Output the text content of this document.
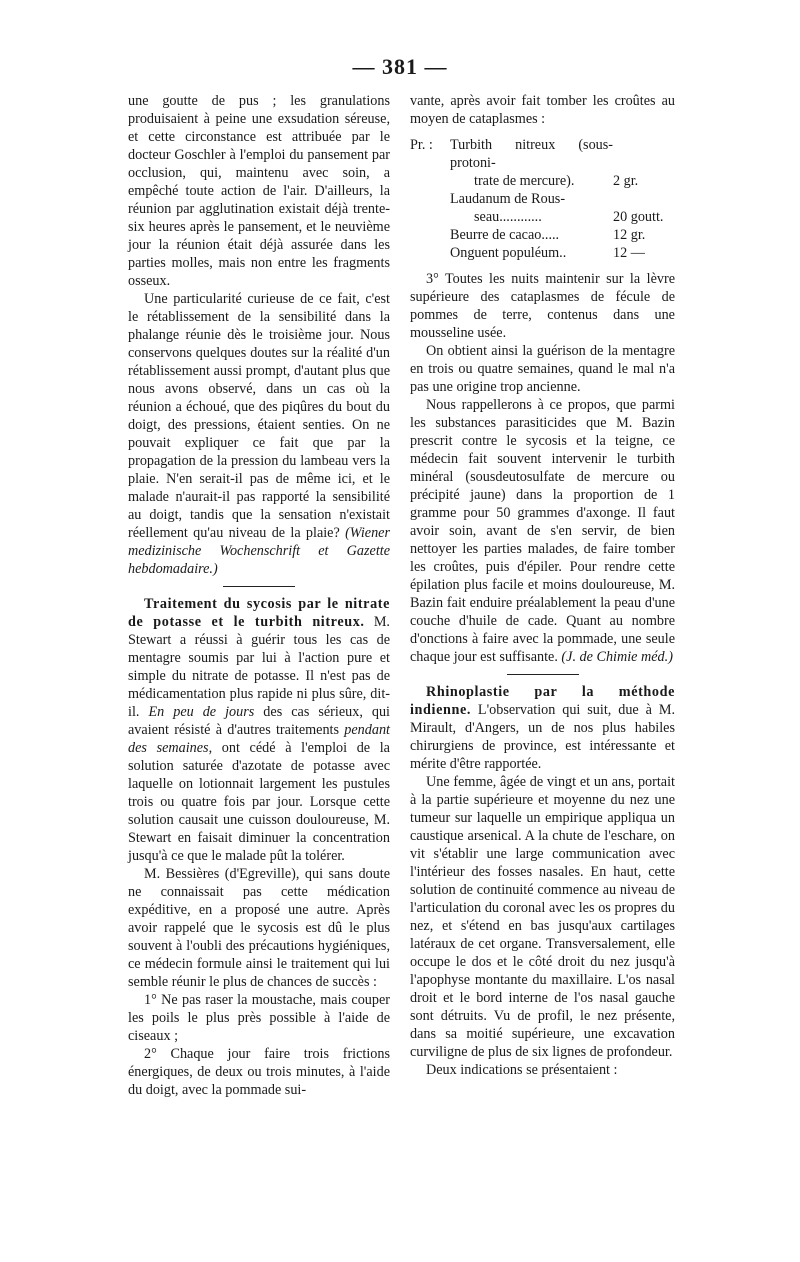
— 381 —

une goutte de pus ; les granulations produisaient à peine une exsudation séreuse, et cette circonstance est attribuée par le docteur Goschler à l'emploi du pansement par occlusion, qui, maintenu avec soin, a empêché toute action de l'air. D'ailleurs, la réunion par agglutination existait déjà trente-six heures après le pansement, et le neuvième jour la réunion était déjà assurée dans les parties molles, mais non entre les fragments osseux.

Une particularité curieuse de ce fait, c'est le rétablissement de la sensibilité dans la phalange réunie dès le troisième jour. Nous conservons quelques doutes sur la réalité d'un rétablissement aussi prompt, d'autant plus que nous avons observé, dans un cas où la réunion a échoué, que des piqûres du bout du doigt, des pressions, étaient senties. On ne pouvait expliquer ce fait que par la propagation de la pression du lambeau vers la plaie. N'en serait-il pas de même ici, et le malade n'aurait-il pas rapporté la sensibilité au doigt, tandis que la sensation n'existait réellement qu'au niveau de la plaie? (Wiener medizinische Wochenschrift et Gazette hebdomadaire.)

Traitement du sycosis par le nitrate de potasse et le turbith nitreux. M. Stewart a réussi à guérir tous les cas de mentagre soumis par lui à l'action pure et simple du nitrate de potasse. Il n'est pas de médicamentation plus rapide ni plus sûre, dit-il. En peu de jours des cas sérieux, qui avaient résisté à d'autres traitements pendant des semaines, ont cédé à l'emploi de la solution saturée d'azotate de potasse avec laquelle on lotionnait largement les pustules trois ou quatre fois par jour. Lorsque cette solution causait une cuisson douloureuse, M. Stewart en faisait diminuer la concentration jusqu'à ce que le malade pût la tolérer.

M. Bessières (d'Egreville), qui sans doute ne connaissait pas cette médication expéditive, en a proposé une autre. Après avoir rappelé que le sycosis est dû le plus souvent à l'oubli des précautions hygiéniques, ce médecin formule ainsi le traitement qui lui semble réunir le plus de chances de succès :

1° Ne pas raser la moustache, mais couper les poils le plus près possible à l'aide de ciseaux ;

2° Chaque jour faire trois frictions énergiques, de deux ou trois minutes, à l'aide du doigt, avec la pommade sui-

vante, après avoir fait tomber les croûtes au moyen de cataplasmes :

Pr. :	Turbith nitreux (sous-protoni-
trate de mercure).	2 gr.
Laudanum de Rous-
seau............	20 goutt.
Beurre de cacao.....	12 gr.
Onguent populéum..	12 —

3° Toutes les nuits maintenir sur la lèvre supérieure des cataplasmes de fécule de pommes de terre, contenus dans une mousseline usée.

On obtient ainsi la guérison de la mentagre en trois ou quatre semaines, quand le mal n'a pas une origine trop ancienne.

Nous rappellerons à ce propos, que parmi les substances parasiticides que M. Bazin prescrit contre le sycosis et la teigne, ce médecin fait souvent intervenir le turbith minéral (sousdeutosulfate de mercure ou précipité jaune) dans la proportion de 1 gramme pour 50 grammes d'axonge. Il faut avoir soin, avant de s'en servir, de bien nettoyer les parties malades, de faire tomber les croûtes, puis d'épiler. Pour rendre cette épilation plus facile et moins douloureuse, M. Bazin fait enduire préalablement la peau d'une couche d'huile de cade. Quant au nombre d'onctions à faire avec la pommade, une seule chaque jour est suffisante. (J. de Chimie méd.)

Rhinoplastie par la méthode indienne. L'observation qui suit, due à M. Mirault, d'Angers, un de nos plus habiles chirurgiens de province, est intéressante et mérite d'être rapportée.

Une femme, âgée de vingt et un ans, portait à la partie supérieure et moyenne du nez une tumeur sur laquelle un empirique appliqua un caustique arsenical. A la chute de l'eschare, on vit s'établir une large communication avec l'intérieur des fosses nasales. En haut, cette solution de continuité commence au niveau de l'articulation du coronal avec les os propres du nez, et s'étend en bas jusqu'aux cartilages latéraux de cet organe. Transversalement, elle occupe le dos et le côté droit du nez jusqu'à l'apophyse montante du maxillaire. L'os nasal droit et le bord interne de l'os nasal gauche sont détruits. Vu de profil, le nez présente, dans sa moitié supérieure, une excavation curviligne de plus de six lignes de profondeur.

Deux indications se présentaient :
